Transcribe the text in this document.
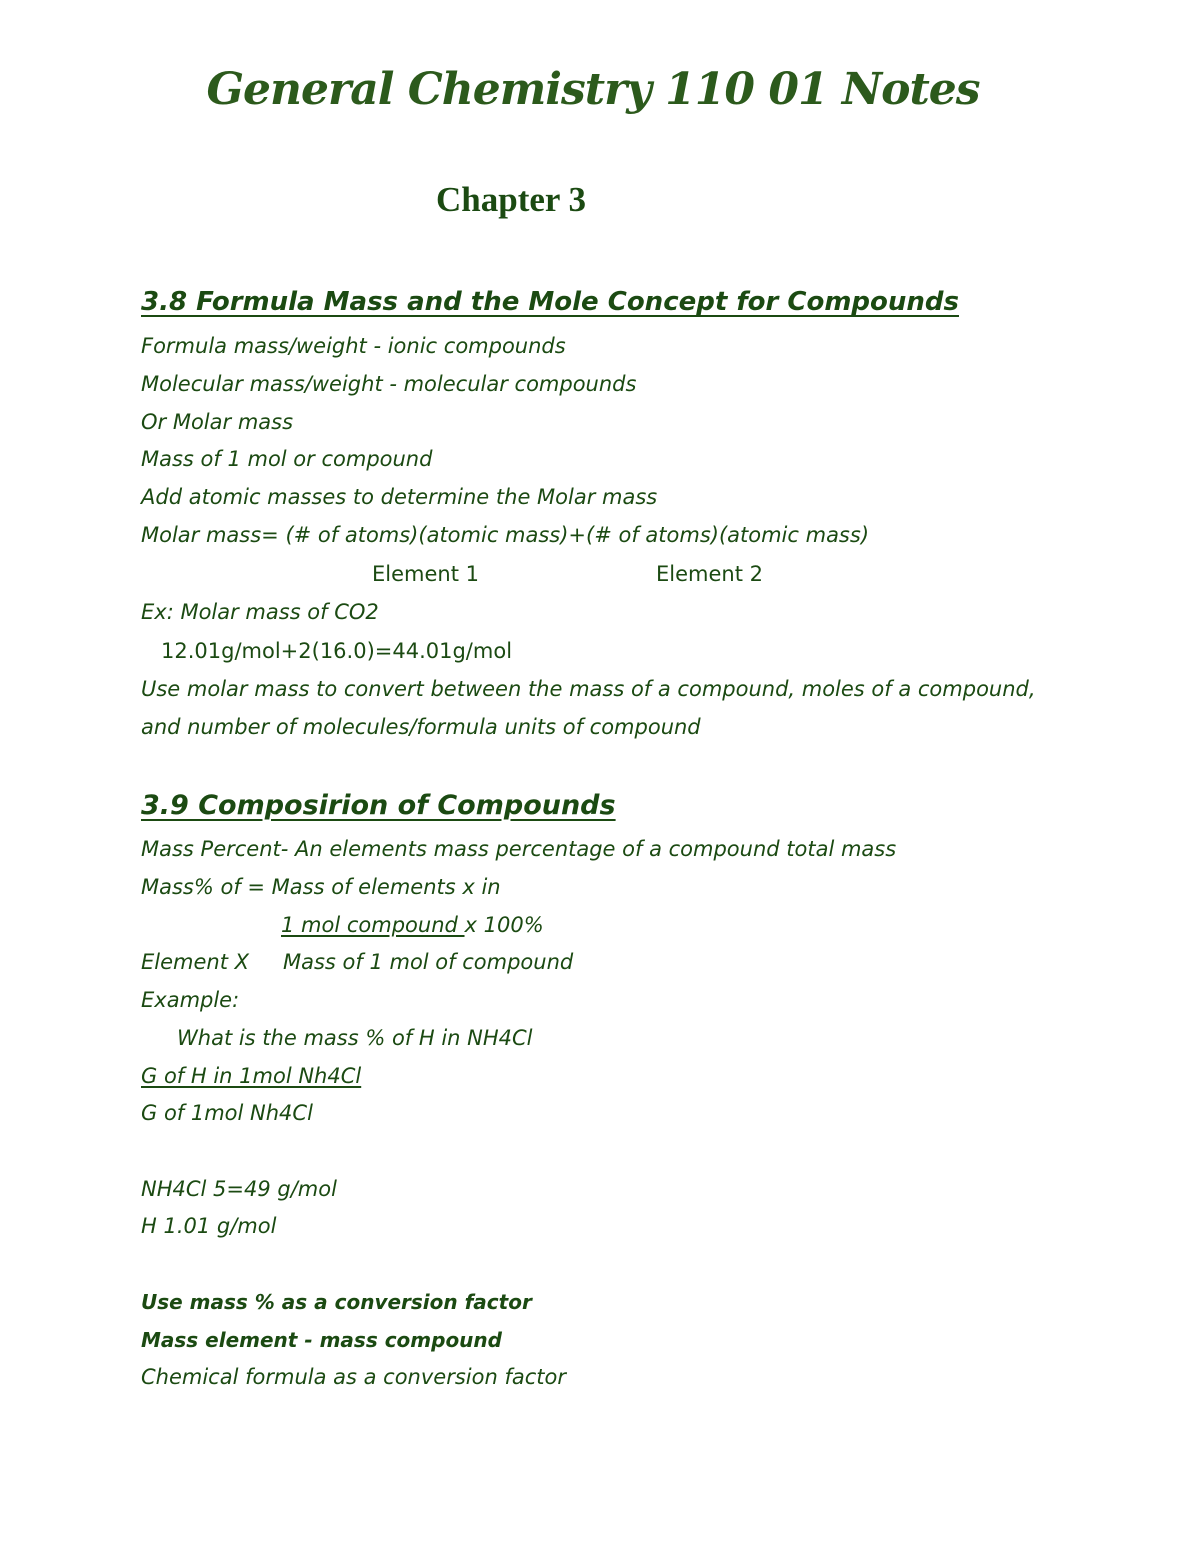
General Chemistry 110 01 Notes
Chapter 3
3.8 Formula Mass and the Mole Concept for Compounds

Formula mass/weight - ionic compounds

Molecular mass/weight - molecular compounds

Or Molar mass

Mass of 1 mol or compound

Add atomic masses to determine the Molar mass

Molar mass= (# of atoms)(atomic mass)+(# of atoms)(atomic mass)

Element 1	Element 2

Ex: Molar mass of CO2

12.01g/mol+2(16.0)=44.01g/mol

Use molar mass to convert between the mass of a compound, moles of a compound,

and number of molecules/formula units of compound

3.9 Composirion of Compounds

Mass Percent- An elements mass percentage of a compound total mass

Mass% of = Mass of elements x in

1 mol compound x 100%

Element X Mass of 1 mol of compound

Example:

What is the mass % of H in NH4Cl

G of H in 1mol Nh4Cl

G of 1mol Nh4Cl

NH4Cl 5=49 g/mol

H 1.01 g/mol

Use mass % as a conversion factor

Mass element - mass compound

Chemical formula as a conversion factor
